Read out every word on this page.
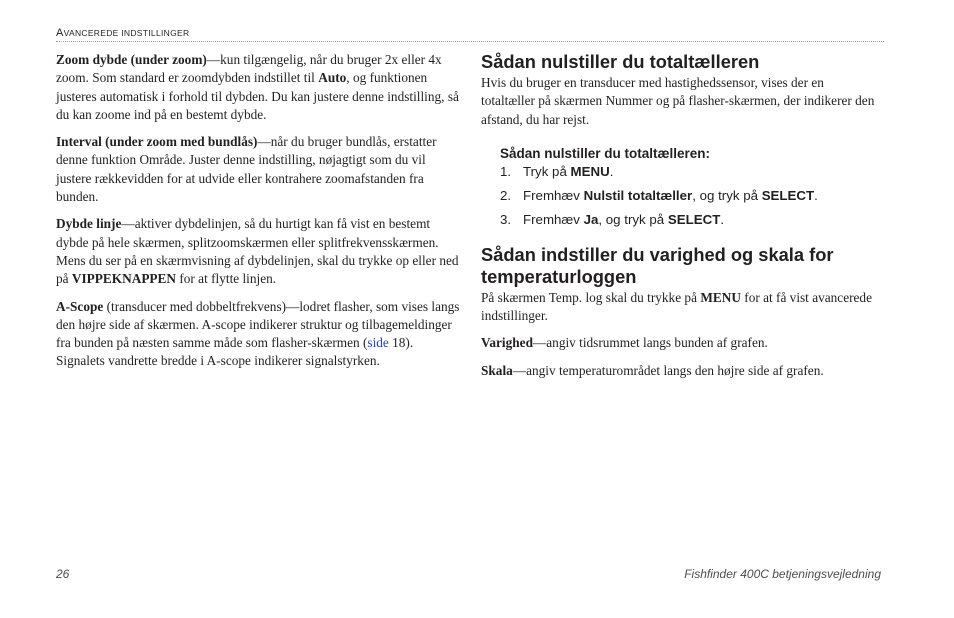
AVANCEREDE INDSTILLINGER

Zoom dybde (under zoom)—kun tilgængelig, når du bruger 2x eller 4x zoom. Som standard er zoomdybden indstillet til Auto, og funktionen justeres automatisk i forhold til dybden. Du kan justere denne indstilling, så du kan zoome ind på en bestemt dybde.

Interval (under zoom med bundlås)—når du bruger bundlås, erstatter denne funktion Område. Juster denne indstilling, nøjagtigt som du vil justere rækkevidden for at udvide eller kontrahere zoomafstanden fra bunden.

Dybde linje—aktiver dybdelinjen, så du hurtigt kan få vist en bestemt dybde på hele skærmen, splitzoomskærmen eller splitfrekvensskærmen. Mens du ser på en skærmvisning af dybdelinjen, skal du trykke op eller ned på VIPPEKNAPPEN for at flytte linjen.

A-Scope (transducer med dobbeltfrekvens)—lodret flasher, som vises langs den højre side af skærmen. A-scope indikerer struktur og tilbagemeldinger fra bunden på næsten samme måde som flasher-skærmen (side 18). Signalets vandrette bredde i A-scope indikerer signalstyrken.

Sådan nulstiller du totaltælleren

Hvis du bruger en transducer med hastighedssensor, vises der en totaltæller på skærmen Nummer og på flasher-skærmen, der indikerer den afstand, du har rejst.

Sådan nulstiller du totaltælleren:
1. Tryk på MENU.
2. Fremhæv Nulstil totaltæller, og tryk på SELECT.
3. Fremhæv Ja, og tryk på SELECT.
Sådan indstiller du varighed og skala for temperaturloggen

På skærmen Temp. log skal du trykke på MENU for at få vist avancerede indstillinger.

Varighed—angiv tidsrummet langs bunden af grafen.

Skala—angiv temperaturområdet langs den højre side af grafen.

26	Fishfinder 400C betjeningsvejledning
